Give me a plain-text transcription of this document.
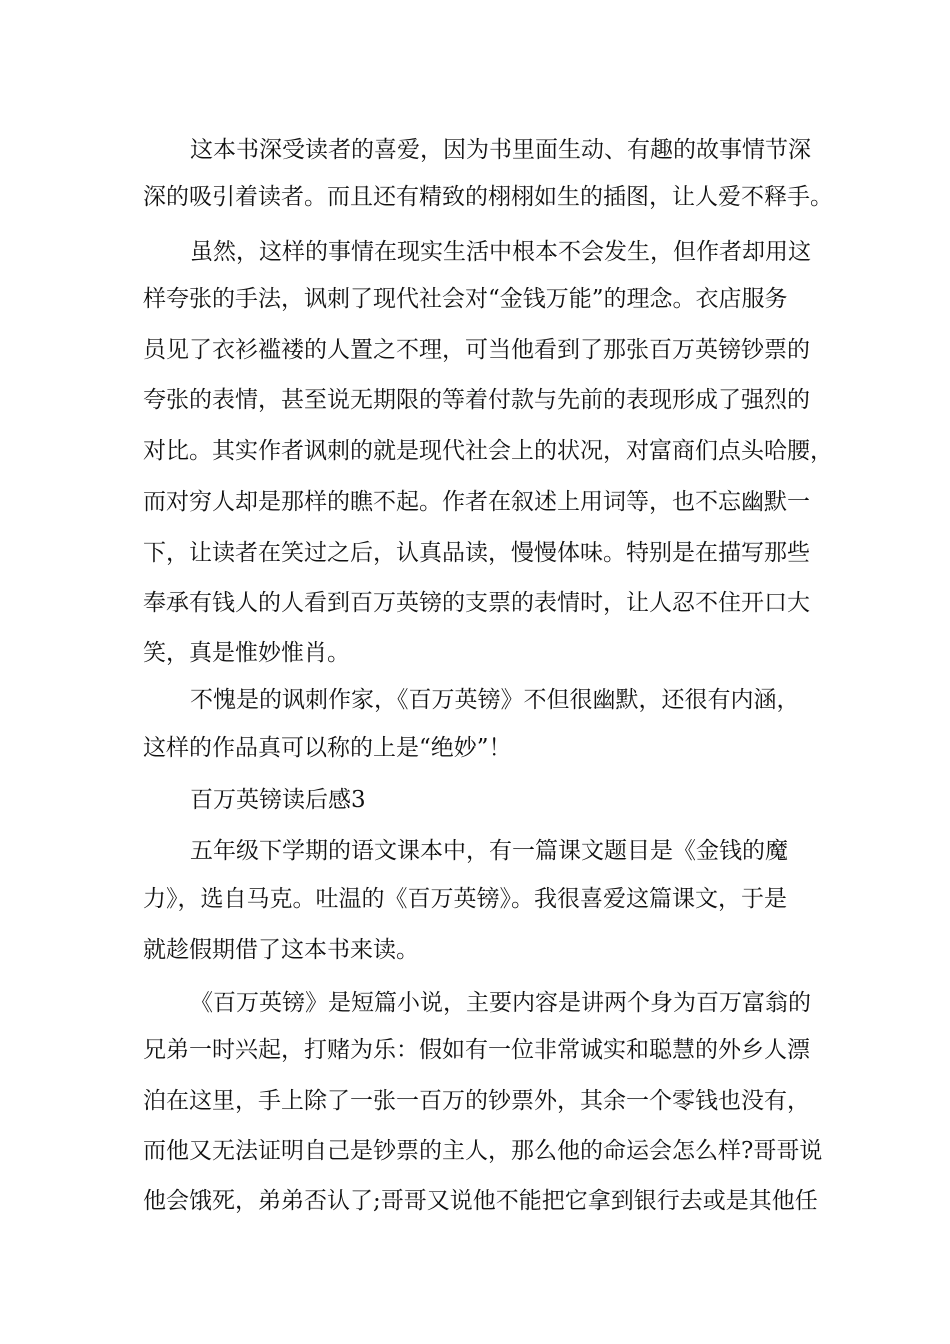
这本书深受读者的喜爱，因为书里面生动、有趣的故事情节深
深的吸引着读者。而且还有精致的栩栩如生的插图，让人爱不释手。
虽然，这样的事情在现实生活中根本不会发生，但作者却用这
样夸张的手法，讽刺了现代社会对“金钱万能”的理念。衣店服务
员见了衣衫褴褛的人置之不理，可当他看到了那张百万英镑钞票的
夸张的表情，甚至说无期限的等着付款与先前的表现形成了强烈的
对比。其实作者讽刺的就是现代社会上的状况，对富商们点头哈腰，
而对穷人却是那样的瞧不起。作者在叙述上用词等，也不忘幽默一
下，让读者在笑过之后，认真品读，慢慢体味。特别是在描写那些
奉承有钱人的人看到百万英镑的支票的表情时，让人忍不住开口大
笑，真是惟妙惟肖。
不愧是的讽刺作家，《百万英镑》不但很幽默，还很有内涵，
这样的作品真可以称的上是“绝妙”！
百万英镑读后感3
五年级下学期的语文课本中，有一篇课文题目是《金钱的魔
力》，选自马克。吐温的《百万英镑》。我很喜爱这篇课文，于是
就趁假期借了这本书来读。
《百万英镑》是短篇小说，主要内容是讲两个身为百万富翁的
兄弟一时兴起，打赌为乐：假如有一位非常诚实和聪慧的外乡人漂
泊在这里，手上除了一张一百万的钞票外，其余一个零钱也没有，
而他又无法证明自己是钞票的主人，那么他的命运会怎么样?哥哥说
他会饿死，弟弟否认了;哥哥又说他不能把它拿到银行去或是其他任
